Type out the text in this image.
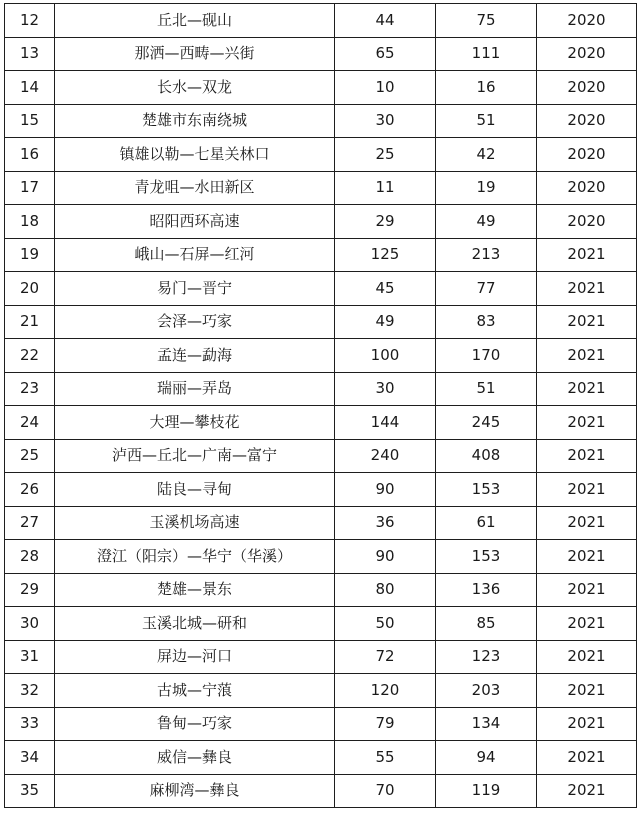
12	丘北—砚山	44	75	2020
13	那洒—西畴—兴街	65	111	2020
14	长水—双龙	10	16	2020
15	楚雄市东南绕城	30	51	2020
16	镇雄以勒—七星关林口	25	42	2020
17	青龙咀—水田新区	11	19	2020
18	昭阳西环高速	29	49	2020
19	峨山—石屏—红河	125	213	2021
20	易门—晋宁	45	77	2021
21	会泽—巧家	49	83	2021
22	孟连—勐海	100	170	2021
23	瑞丽—弄岛	30	51	2021
24	大理—攀枝花	144	245	2021
25	泸西—丘北—广南—富宁	240	408	2021
26	陆良—寻甸	90	153	2021
27	玉溪机场高速	36	61	2021
28	澄江（阳宗）—华宁（华溪）	90	153	2021
29	楚雄—景东	80	136	2021
30	玉溪北城—研和	50	85	2021
31	屏边—河口	72	123	2021
32	古城—宁蒗	120	203	2021
33	鲁甸—巧家	79	134	2021
34	威信—彝良	55	94	2021
35	麻柳湾—彝良	70	119	2021
